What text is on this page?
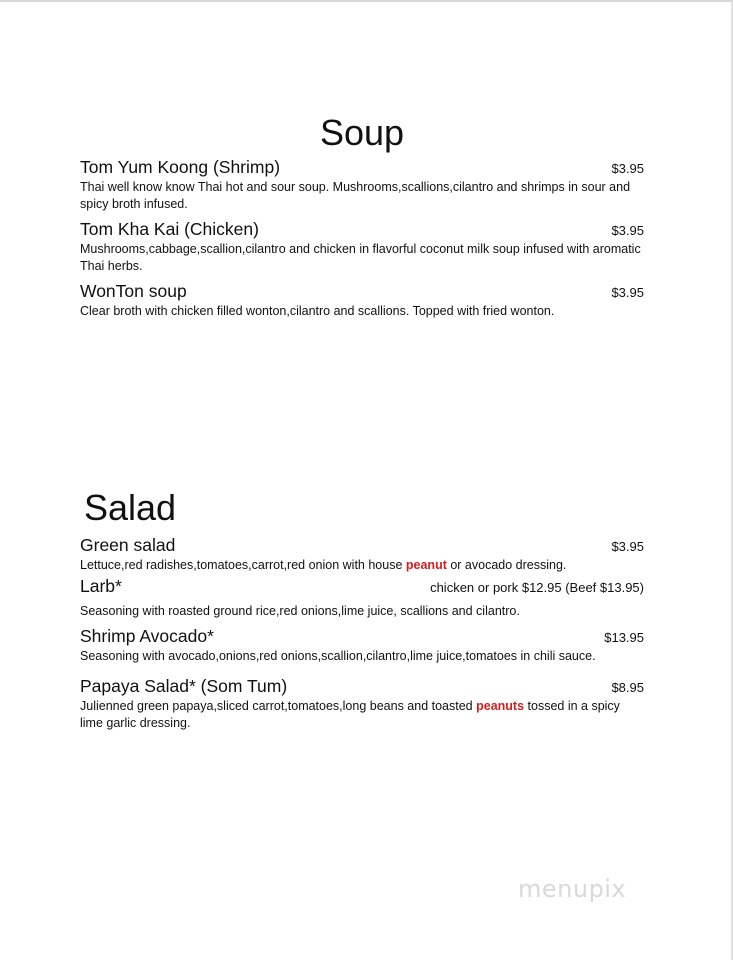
Soup
Tom Yum Koong (Shrimp)	$3.95

Thai well know know Thai hot and sour soup. Mushrooms,scallions,cilantro and shrimps in sour and spicy broth infused.

Tom Kha Kai (Chicken)	$3.95

Mushrooms,cabbage,scallion,cilantro and chicken in flavorful coconut milk soup infused with aromatic Thai herbs.

WonTon soup	$3.95

Clear broth with chicken filled wonton,cilantro and scallions. Topped with fried wonton.

Salad
Green salad	$3.95

Lettuce,red radishes,tomatoes,carrot,red onion with house peanut or avocado dressing.

Larb*	chicken or pork $12.95 (Beef $13.95)

Seasoning with roasted ground rice,red onions,lime juice, scallions and cilantro.

Shrimp Avocado*	$13.95

Seasoning with avocado,onions,red onions,scallion,cilantro,lime juice,tomatoes in chili sauce.

Papaya Salad* (Som Tum)	$8.95

Julienned green papaya,sliced carrot,tomatoes,long beans and toasted peanuts tossed in a spicy lime garlic dressing.

menupix
